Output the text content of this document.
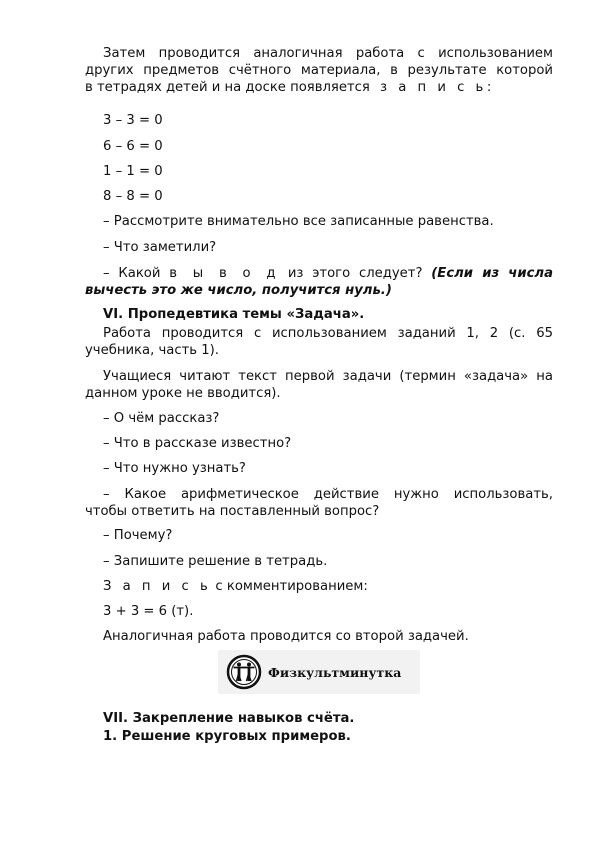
Затем проводится аналогичная работа с использованием
других предметов счётного материала, в результате которой
в тетрадях детей и на доске появляется з а п и с ь:
3 – 3 = 0
6 – 6 = 0
1 – 1 = 0
8 – 8 = 0
– Рассмотрите внимательно все записанные равенства.
– Что заметили?
– Какой в ы в о д из этого следует? (Если из числа
вычесть это же число, получится нуль.)
VI. Пропедевтика темы «Задача».
Работа проводится с использованием заданий 1, 2 (с. 65
учебника, часть 1).
Учащиеся читают текст первой задачи (термин «задача» на
данном уроке не вводится).
– О чём рассказ?
– Что в рассказе известно?
– Что нужно узнать?
– Какое арифметическое действие нужно использовать,
чтобы ответить на поставленный вопрос?
– Почему?
– Запишите решение в тетрадь.
З а п и с ь с комментированием:
3 + 3 = 6 (т).
Аналогичная работа проводится со второй задачей.
VII. Закрепление навыков счёта.
1. Решение круговых примеров.
Физкультминутка
